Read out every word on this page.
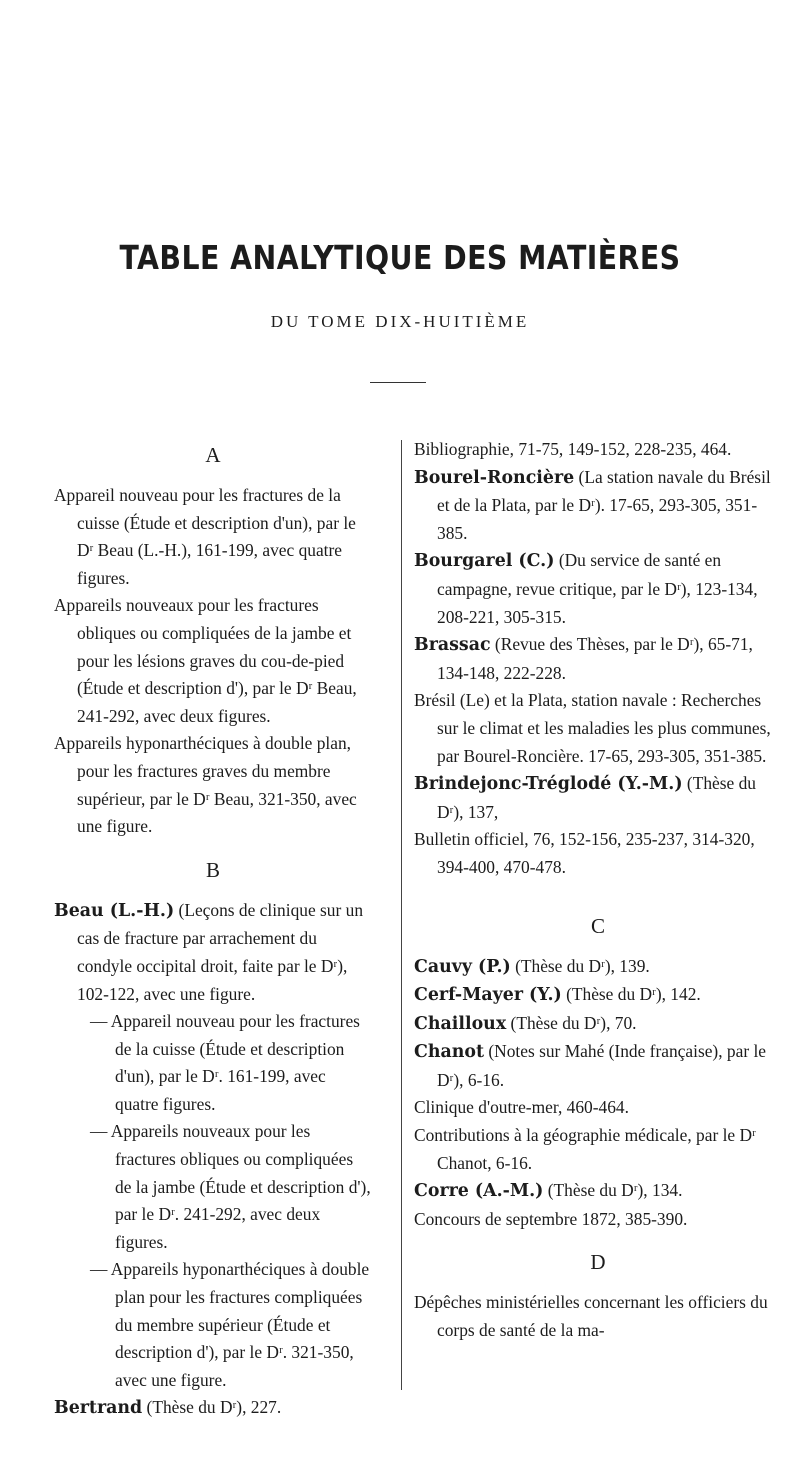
TABLE ANALYTIQUE DES MATIÈRES
DU TOME DIX-HUITIÈME
A

Appareil nouveau pour les fractures de la cuisse (Étude et description d'un), par le Dʳ Beau (L.-H.), 161-199, avec quatre figures.

Appareils nouveaux pour les fractures obliques ou compliquées de la jambe et pour les lésions graves du cou-de-pied (Étude et description d'), par le Dʳ Beau, 241-292, avec deux figures.

Appareils hyponarthéciques à double plan, pour les fractures graves du membre supérieur, par le Dʳ Beau, 321-350, avec une figure.

B

Beau (L.-H.) (Leçons de clinique sur un cas de fracture par arrachement du condyle occipital droit, faite par le Dʳ), 102-122, avec une figure.

— Appareil nouveau pour les fractures de la cuisse (Étude et description d'un), par le Dʳ. 161-199, avec quatre figures.

— Appareils nouveaux pour les fractures obliques ou compliquées de la jambe (Étude et description d'), par le Dʳ. 241-292, avec deux figures.

— Appareils hyponarthéciques à double plan pour les fractures compliquées du membre supérieur (Étude et description d'), par le Dʳ. 321-350, avec une figure.

Bertrand (Thèse du Dʳ), 227.

Bibliographie, 71-75, 149-152, 228-235, 464.

Bourel-Roncière (La station navale du Brésil et de la Plata, par le Dʳ). 17-65, 293-305, 351-385.

Bourgarel (C.) (Du service de santé en campagne, revue critique, par le Dʳ), 123-134, 208-221, 305-315.

Brassac (Revue des Thèses, par le Dʳ), 65-71, 134-148, 222-228.

Brésil (Le) et la Plata, station navale : Recherches sur le climat et les maladies les plus communes, par Bourel-Roncière. 17-65, 293-305, 351-385.

Brindejonc-Tréglodé (Y.-M.) (Thèse du Dʳ), 137,

Bulletin officiel, 76, 152-156, 235-237, 314-320, 394-400, 470-478.

C

Cauvy (P.) (Thèse du Dʳ), 139.

Cerf-Mayer (Y.) (Thèse du Dʳ), 142.

Chailloux (Thèse du Dʳ), 70.

Chanot (Notes sur Mahé (Inde française), par le Dʳ), 6-16.

Clinique d'outre-mer, 460-464.

Contributions à la géographie médicale, par le Dʳ Chanot, 6-16.

Corre (A.-M.) (Thèse du Dʳ), 134.

Concours de septembre 1872, 385-390.

D

Dépêches ministérielles concernant les officiers du corps de santé de la ma-
